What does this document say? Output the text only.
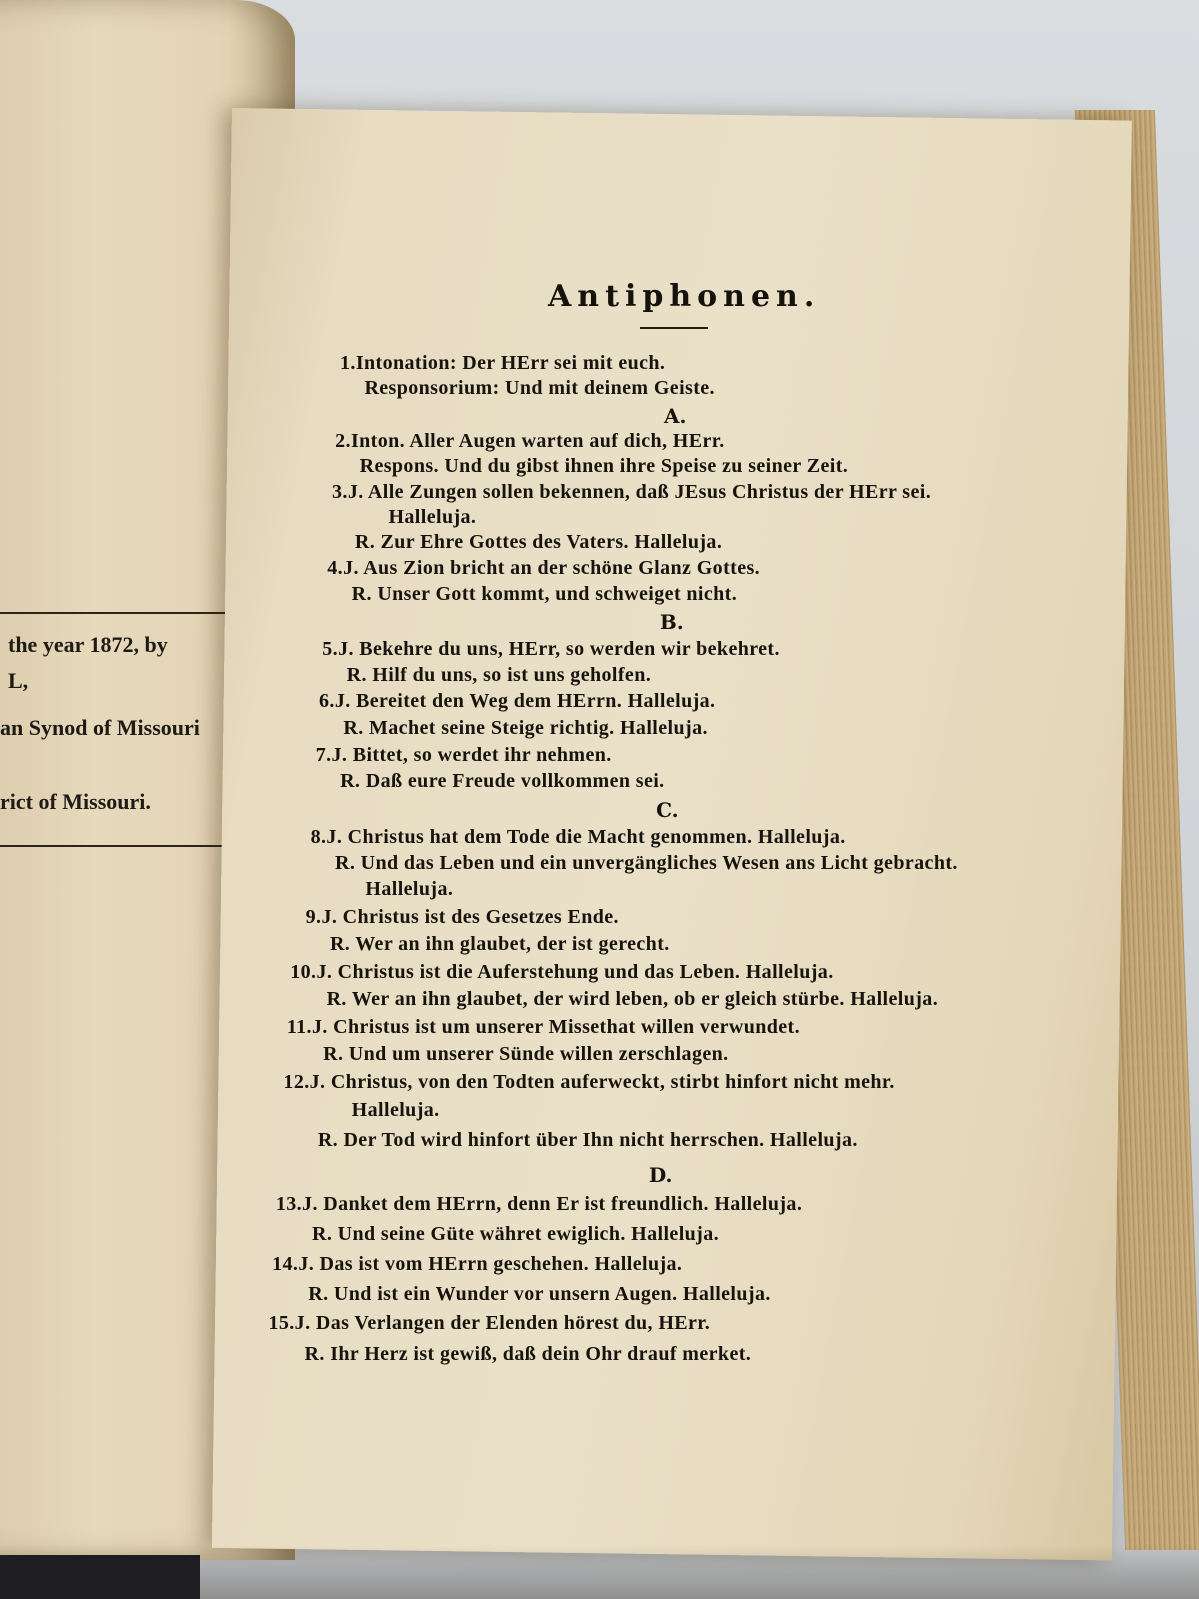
the year 1872, by
L,
an Synod of Missouri
rict of Missouri.
Antiphonen.
1.Intonation: Der HErr sei mit euch.
Responsorium: Und mit deinem Geiste.
A.
2.Inton. Aller Augen warten auf dich, HErr.
Respons. Und du gibst ihnen ihre Speise zu seiner Zeit.
3.J. Alle Zungen sollen bekennen, daß JEsus Christus der HErr sei.
Halleluja.
R. Zur Ehre Gottes des Vaters. Halleluja.
4.J. Aus Zion bricht an der schöne Glanz Gottes.
R. Unser Gott kommt, und schweiget nicht.
B.
5.J. Bekehre du uns, HErr, so werden wir bekehret.
R. Hilf du uns, so ist uns geholfen.
6.J. Bereitet den Weg dem HErrn. Halleluja.
R. Machet seine Steige richtig. Halleluja.
7.J. Bittet, so werdet ihr nehmen.
R. Daß eure Freude vollkommen sei.
C.
8.J. Christus hat dem Tode die Macht genommen. Halleluja.
R. Und das Leben und ein unvergängliches Wesen ans Licht gebracht.
Halleluja.
9.J. Christus ist des Gesetzes Ende.
R. Wer an ihn glaubet, der ist gerecht.
10.J. Christus ist die Auferstehung und das Leben. Halleluja.
R. Wer an ihn glaubet, der wird leben, ob er gleich stürbe. Halleluja.
11.J. Christus ist um unserer Missethat willen verwundet.
R. Und um unserer Sünde willen zerschlagen.
12.J. Christus, von den Todten auferweckt, stirbt hinfort nicht mehr.
Halleluja.
R. Der Tod wird hinfort über Ihn nicht herrschen. Halleluja.
D.
13.J. Danket dem HErrn, denn Er ist freundlich. Halleluja.
R. Und seine Güte währet ewiglich. Halleluja.
14.J. Das ist vom HErrn geschehen. Halleluja.
R. Und ist ein Wunder vor unsern Augen. Halleluja.
15.J. Das Verlangen der Elenden hörest du, HErr.
R. Ihr Herz ist gewiß, daß dein Ohr drauf merket.
